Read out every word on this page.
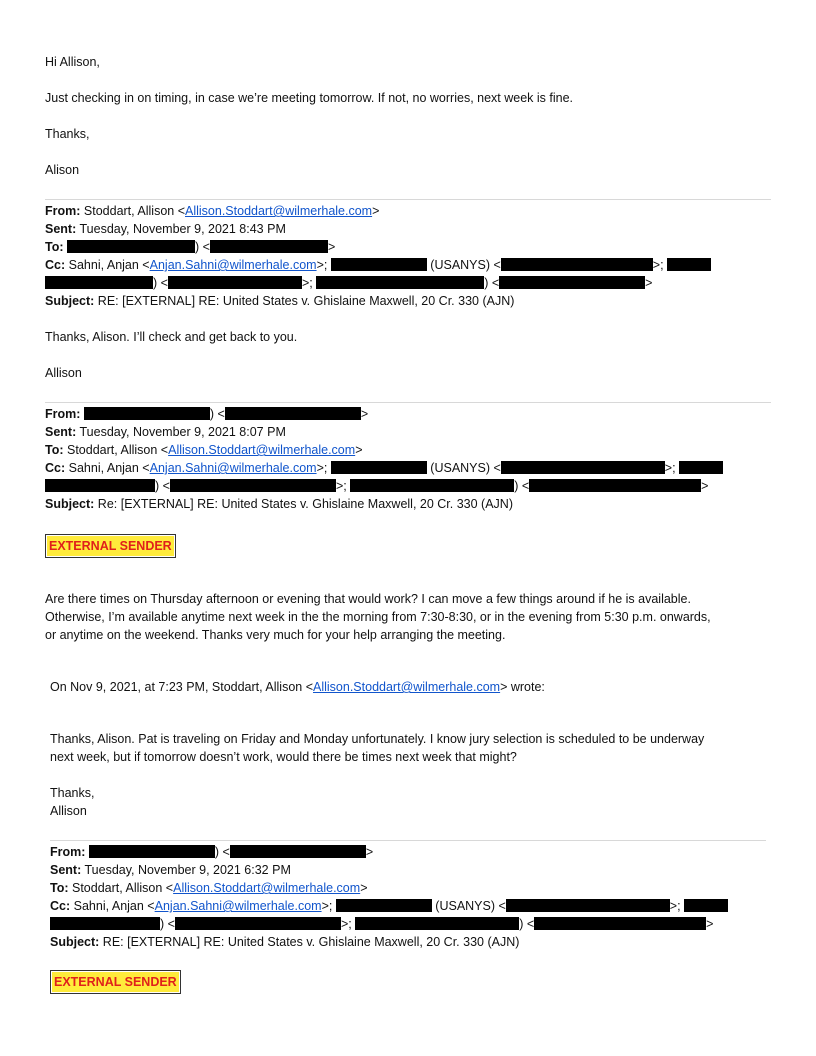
Hi Allison,
Just checking in on timing, in case we’re meeting tomorrow. If not, no worries, next week is fine.
Thanks,
Alison
From: Stoddart, Allison <Allison.Stoddart@wilmerhale.com>
Sent: Tuesday, November 9, 2021 8:43 PM
To:	) <	>
Cc: Sahni, Anjan <Anjan.Sahni@wilmerhale.com>;	(USANYS) <	>;
) <	>;	) <	>
Subject: RE: [EXTERNAL] RE: United States v. Ghislaine Maxwell, 20 Cr. 330 (AJN)
Thanks, Alison. I’ll check and get back to you.
Allison
From:	) <	>
Sent: Tuesday, November 9, 2021 8:07 PM
To: Stoddart, Allison <Allison.Stoddart@wilmerhale.com>
Cc: Sahni, Anjan <Anjan.Sahni@wilmerhale.com>;	(USANYS) <	>;
) <	>;	) <	>
Subject: Re: [EXTERNAL] RE: United States v. Ghislaine Maxwell, 20 Cr. 330 (AJN)
EXTERNAL SENDER
Are there times on Thursday afternoon or evening that would work? I can move a few things around if he is available.
Otherwise, I’m available anytime next week in the the morning from 7:30-8:30, or in the evening from 5:30 p.m. onwards,
or anytime on the weekend. Thanks very much for your help arranging the meeting.
On Nov 9, 2021, at 7:23 PM, Stoddart, Allison <Allison.Stoddart@wilmerhale.com> wrote:
Thanks, Alison. Pat is traveling on Friday and Monday unfortunately. I know jury selection is scheduled to be underway
next week, but if tomorrow doesn’t work, would there be times next week that might?
Thanks,
Allison
From:	) <	>
Sent: Tuesday, November 9, 2021 6:32 PM
To: Stoddart, Allison <Allison.Stoddart@wilmerhale.com>
Cc: Sahni, Anjan <Anjan.Sahni@wilmerhale.com>;	(USANYS) <	>;
) <	>;	) <	>
Subject: RE: [EXTERNAL] RE: United States v. Ghislaine Maxwell, 20 Cr. 330 (AJN)
EXTERNAL SENDER
